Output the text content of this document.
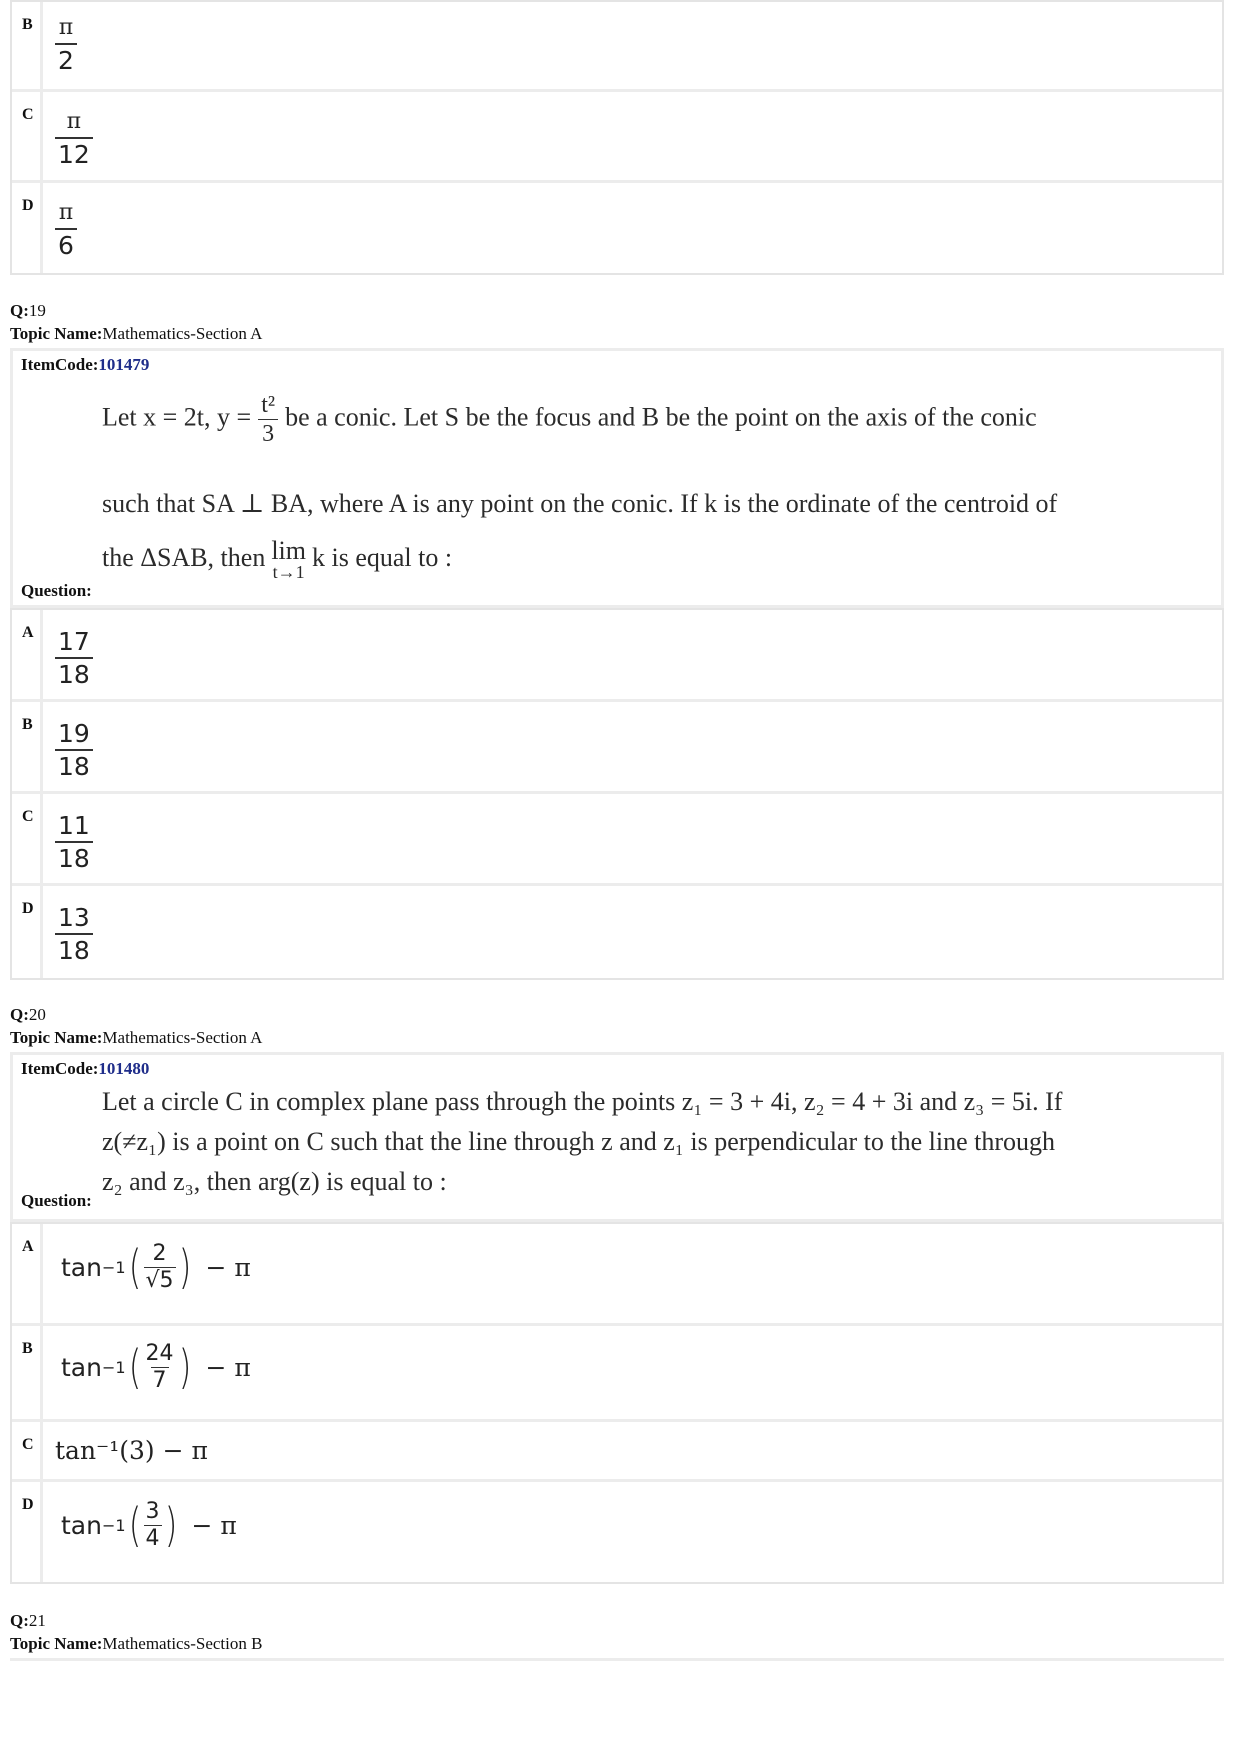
B	$\frac{\pi}{2}$
C $\frac{\pi}{12}$
D $\frac{\pi}{6}$
Q:19
Topic Name:Mathematics-Section A
ItemCode:101479
Let x = 2t, $y = \frac{\text{t²}}{3}$ be a conic. Let S be the focus and B be the point on the axis of the conic
such that SA ⊥ BA, where A is any point on the conic. If k is the ordinate of the centroid of
the ΔSAB, then lim
t→1
k is equal to :
Question:
A $\frac{17}{18}$
B $\frac{19}{18}$
C $\frac{11}{18}$
D $\frac{13}{18}$
Q:20
Topic Name:Mathematics-Section A
ItemCode:101480
Let a circle C in complex plane pass through the points z₁ = 3 + 4i, z₂ = 4 + 3i and z₃ = 5i. If
z(≠z₁) is a point on C such that the line through z and z₁ is perpendicular to the line through
z₂ and z₃, then arg(z) is equal to :
Question:
A
tan −1 ( 2
√5 ) − π
B
tan −1 ( 24
7 ) − π
C tan⁻¹(3) − π
D
tan −1 ( 3
4 ) − π
Q:21
Topic Name:Mathematics-Section B
